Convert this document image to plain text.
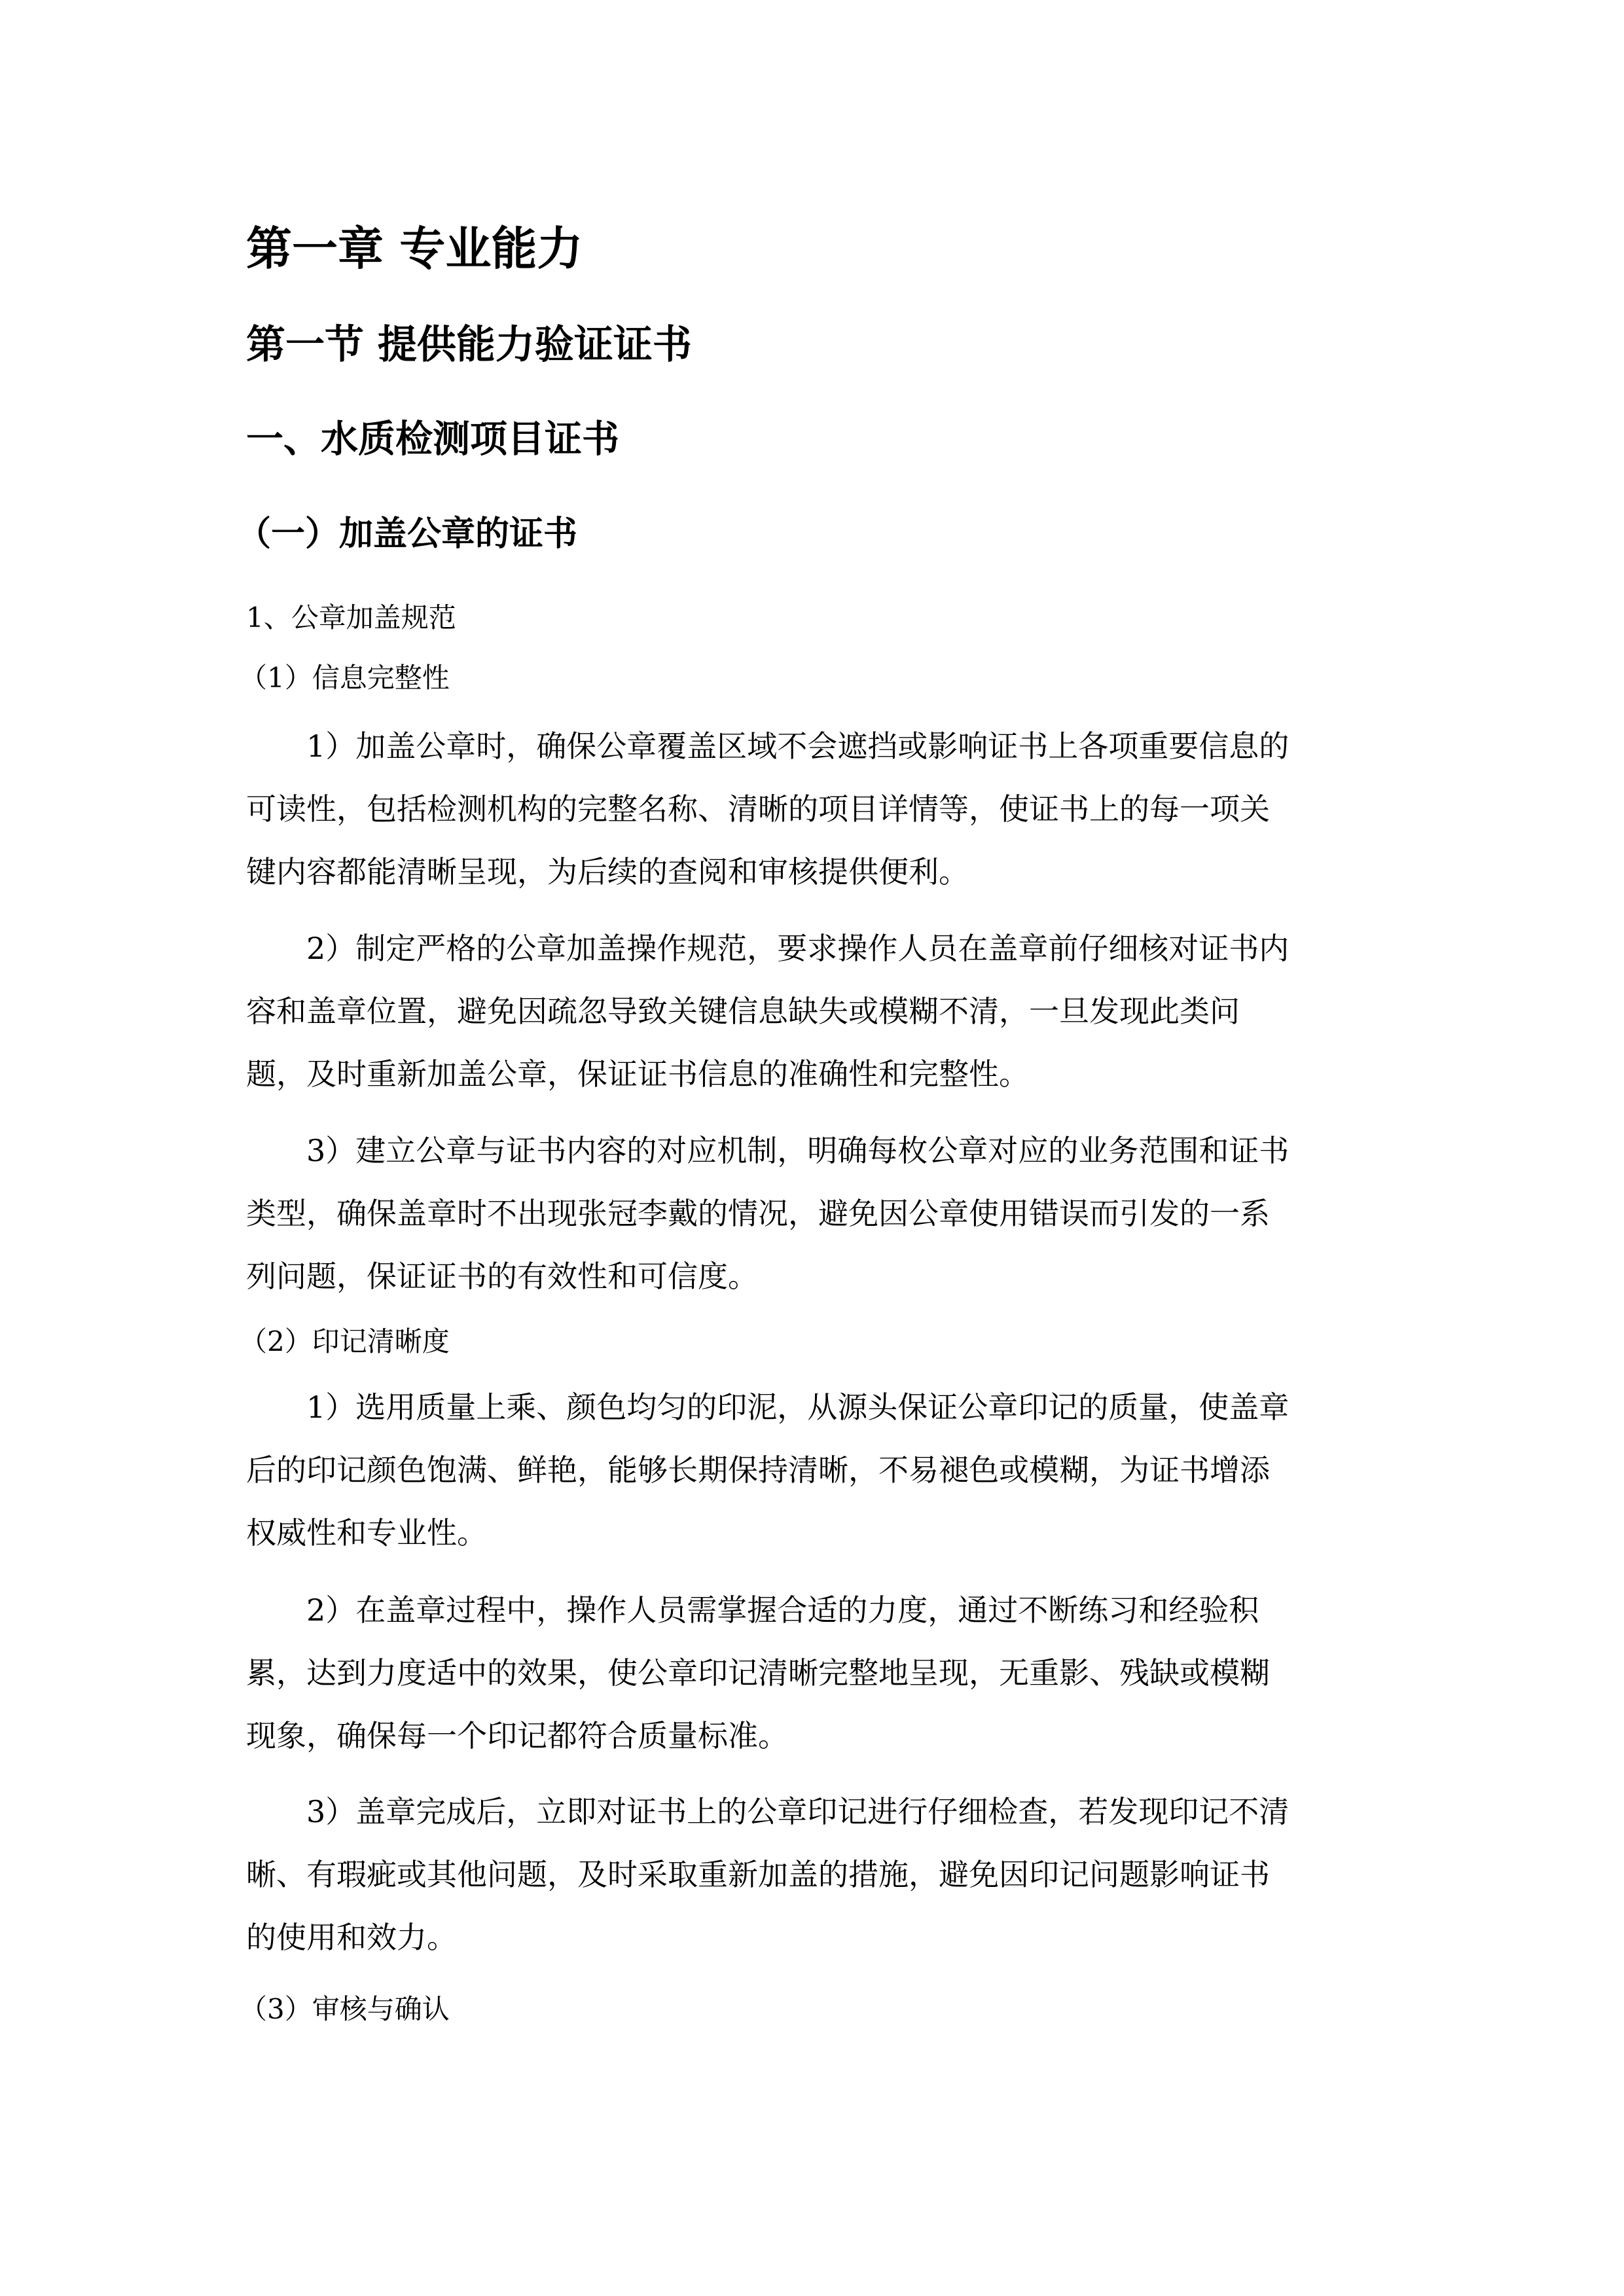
第一章 专业能力
第一节 提供能力验证证书
一、水质检测项目证书
（一）加盖公章的证书
1、公章加盖规范
（1）信息完整性
1）加盖公章时，确保公章覆盖区域不会遮挡或影响证书上各项重要信息的
可读性，包括检测机构的完整名称、清晰的项目详情等，使证书上的每一项关
键内容都能清晰呈现，为后续的查阅和审核提供便利。
2）制定严格的公章加盖操作规范，要求操作人员在盖章前仔细核对证书内
容和盖章位置，避免因疏忽导致关键信息缺失或模糊不清，一旦发现此类问
题，及时重新加盖公章，保证证书信息的准确性和完整性。
3）建立公章与证书内容的对应机制，明确每枚公章对应的业务范围和证书
类型，确保盖章时不出现张冠李戴的情况，避免因公章使用错误而引发的一系
列问题，保证证书的有效性和可信度。
（2）印记清晰度
1）选用质量上乘、颜色均匀的印泥，从源头保证公章印记的质量，使盖章
后的印记颜色饱满、鲜艳，能够长期保持清晰，不易褪色或模糊，为证书增添
权威性和专业性。
2）在盖章过程中，操作人员需掌握合适的力度，通过不断练习和经验积
累，达到力度适中的效果，使公章印记清晰完整地呈现，无重影、残缺或模糊
现象，确保每一个印记都符合质量标准。
3）盖章完成后，立即对证书上的公章印记进行仔细检查，若发现印记不清
晰、有瑕疵或其他问题，及时采取重新加盖的措施，避免因印记问题影响证书
的使用和效力。
（3）审核与确认
